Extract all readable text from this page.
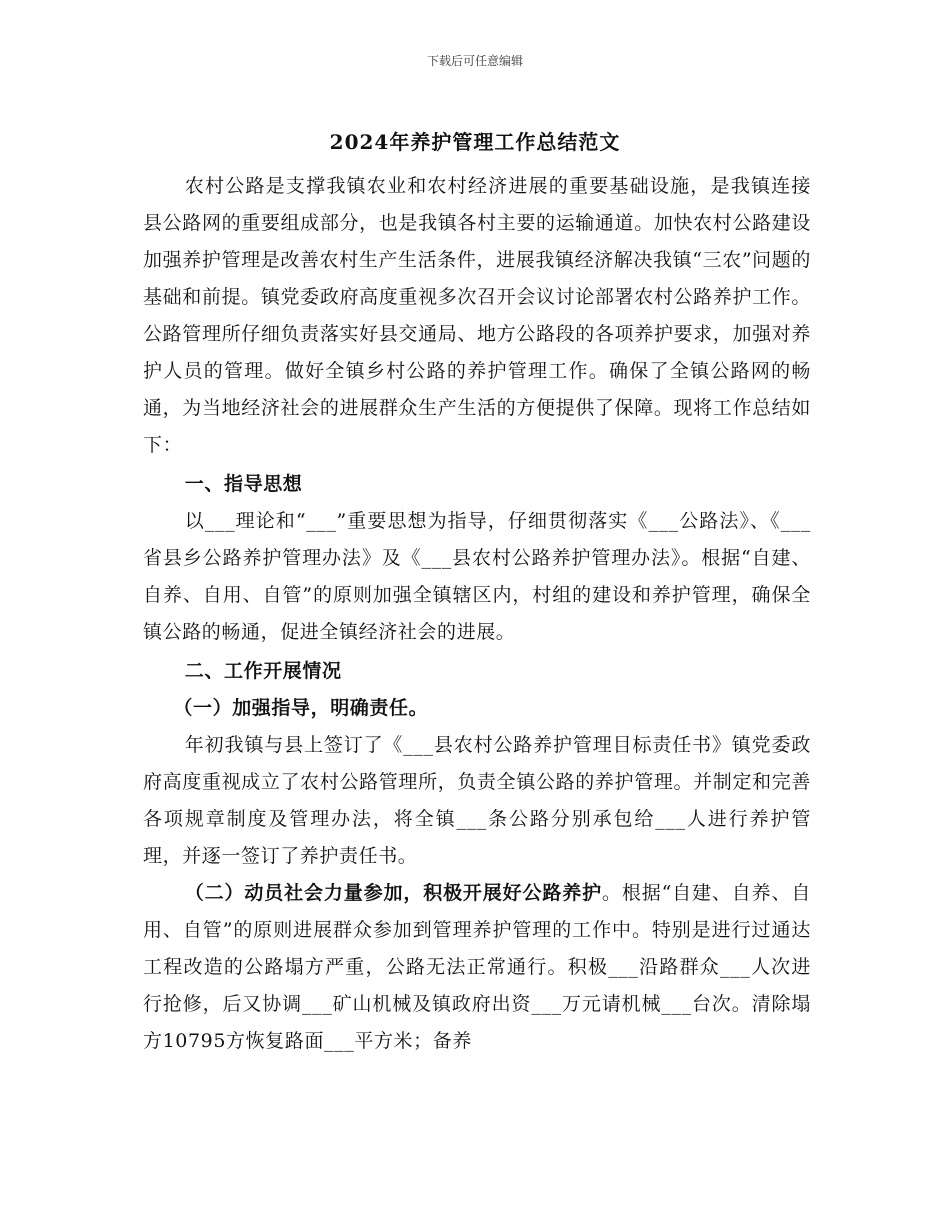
下载后可任意编辑
2024年养护管理工作总结范文

农村公路是支撑我镇农业和农村经济进展的重要基础设施，是我镇连接县公路网的重要组成部分，也是我镇各村主要的运输通道。加快农村公路建设加强养护管理是改善农村生产生活条件，进展我镇经济解决我镇“三农”问题的基础和前提。镇党委政府高度重视多次召开会议讨论部署农村公路养护工作。公路管理所仔细负责落实好县交通局、地方公路段的各项养护要求，加强对养护人员的管理。做好全镇乡村公路的养护管理工作。确保了全镇公路网的畅通，为当地经济社会的进展群众生产生活的方便提供了保障。现将工作总结如下：

一、指导思想

以___理论和“___”重要思想为指导，仔细贯彻落实《___公路法》、《___省县乡公路养护管理办法》及《___县农村公路养护管理办法》。根据“自建、自养、自用、自管”的原则加强全镇辖区内，村组的建设和养护管理，确保全镇公路的畅通，促进全镇经济社会的进展。

二、工作开展情况

（一）加强指导，明确责任。

年初我镇与县上签订了《___县农村公路养护管理目标责任书》镇党委政府高度重视成立了农村公路管理所，负责全镇公路的养护管理。并制定和完善各项规章制度及管理办法，将全镇___条公路分别承包给___人进行养护管理，并逐一签订了养护责任书。

（二）动员社会力量参加，积极开展好公路养护。根据“自建、自养、自用、自管”的原则进展群众参加到管理养护管理的工作中。特别是进行过通达工程改造的公路塌方严重，公路无法正常通行。积极___沿路群众___人次进行抢修，后又协调___矿山机械及镇政府出资___万元请机械___台次。清除塌方10795方恢复路面___平方米；备养
